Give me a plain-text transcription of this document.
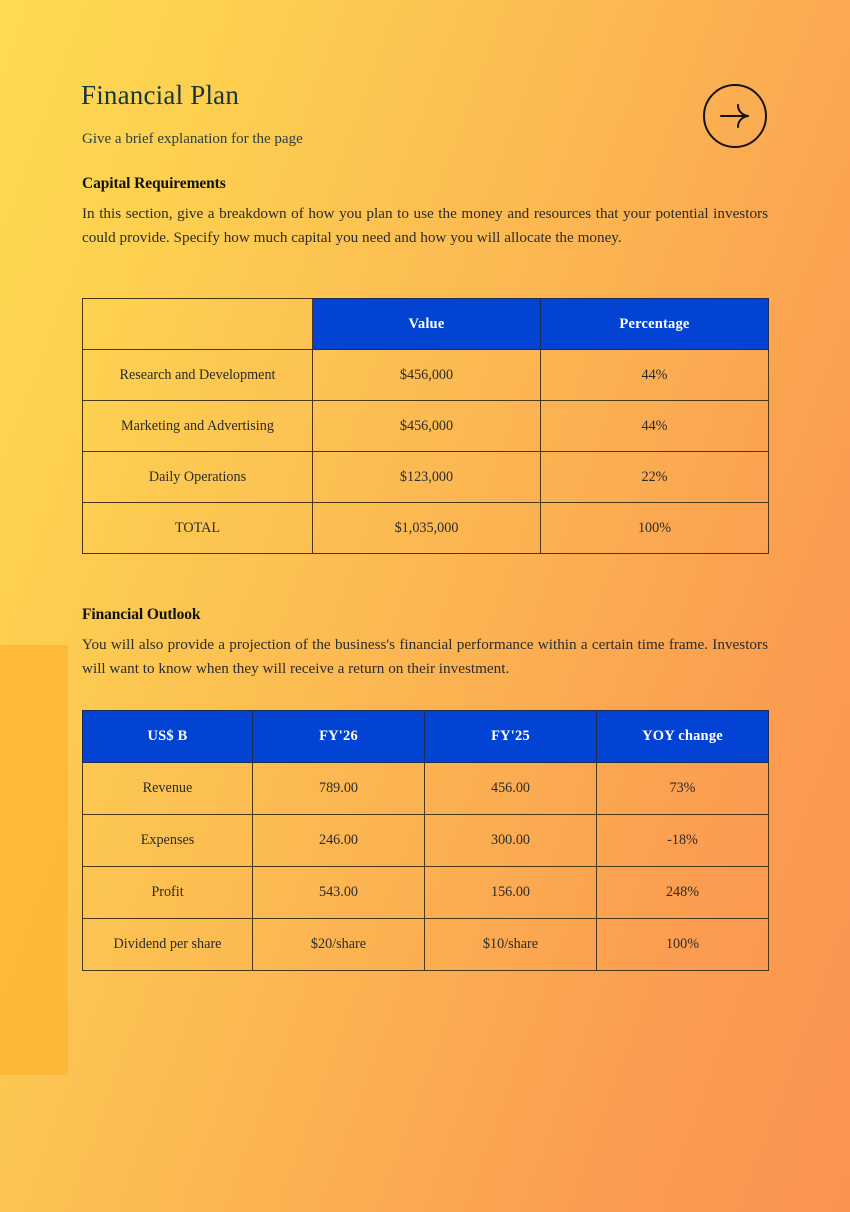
Financial Plan
Give a brief explanation for the page

Capital Requirements

In this section, give a breakdown of how you plan to use the money and resources that your potential investors could provide. Specify how much capital you need and how you will allocate the money.

	Value	Percentage
Research and Development	$456,000	44%
Marketing and Advertising	$456,000	44%
Daily Operations	$123,000	22%
TOTAL	$1,035,000	100%

Financial Outlook

You will also provide a projection of the business's financial performance within a certain time frame. Investors will want to know when they will receive a return on their investment.

US$ B	FY'26	FY'25	YOY change
Revenue	789.00	456.00	73%
Expenses	246.00	300.00	-18%
Profit	543.00	156.00	248%
Dividend per share	$20/share	$10/share	100%
